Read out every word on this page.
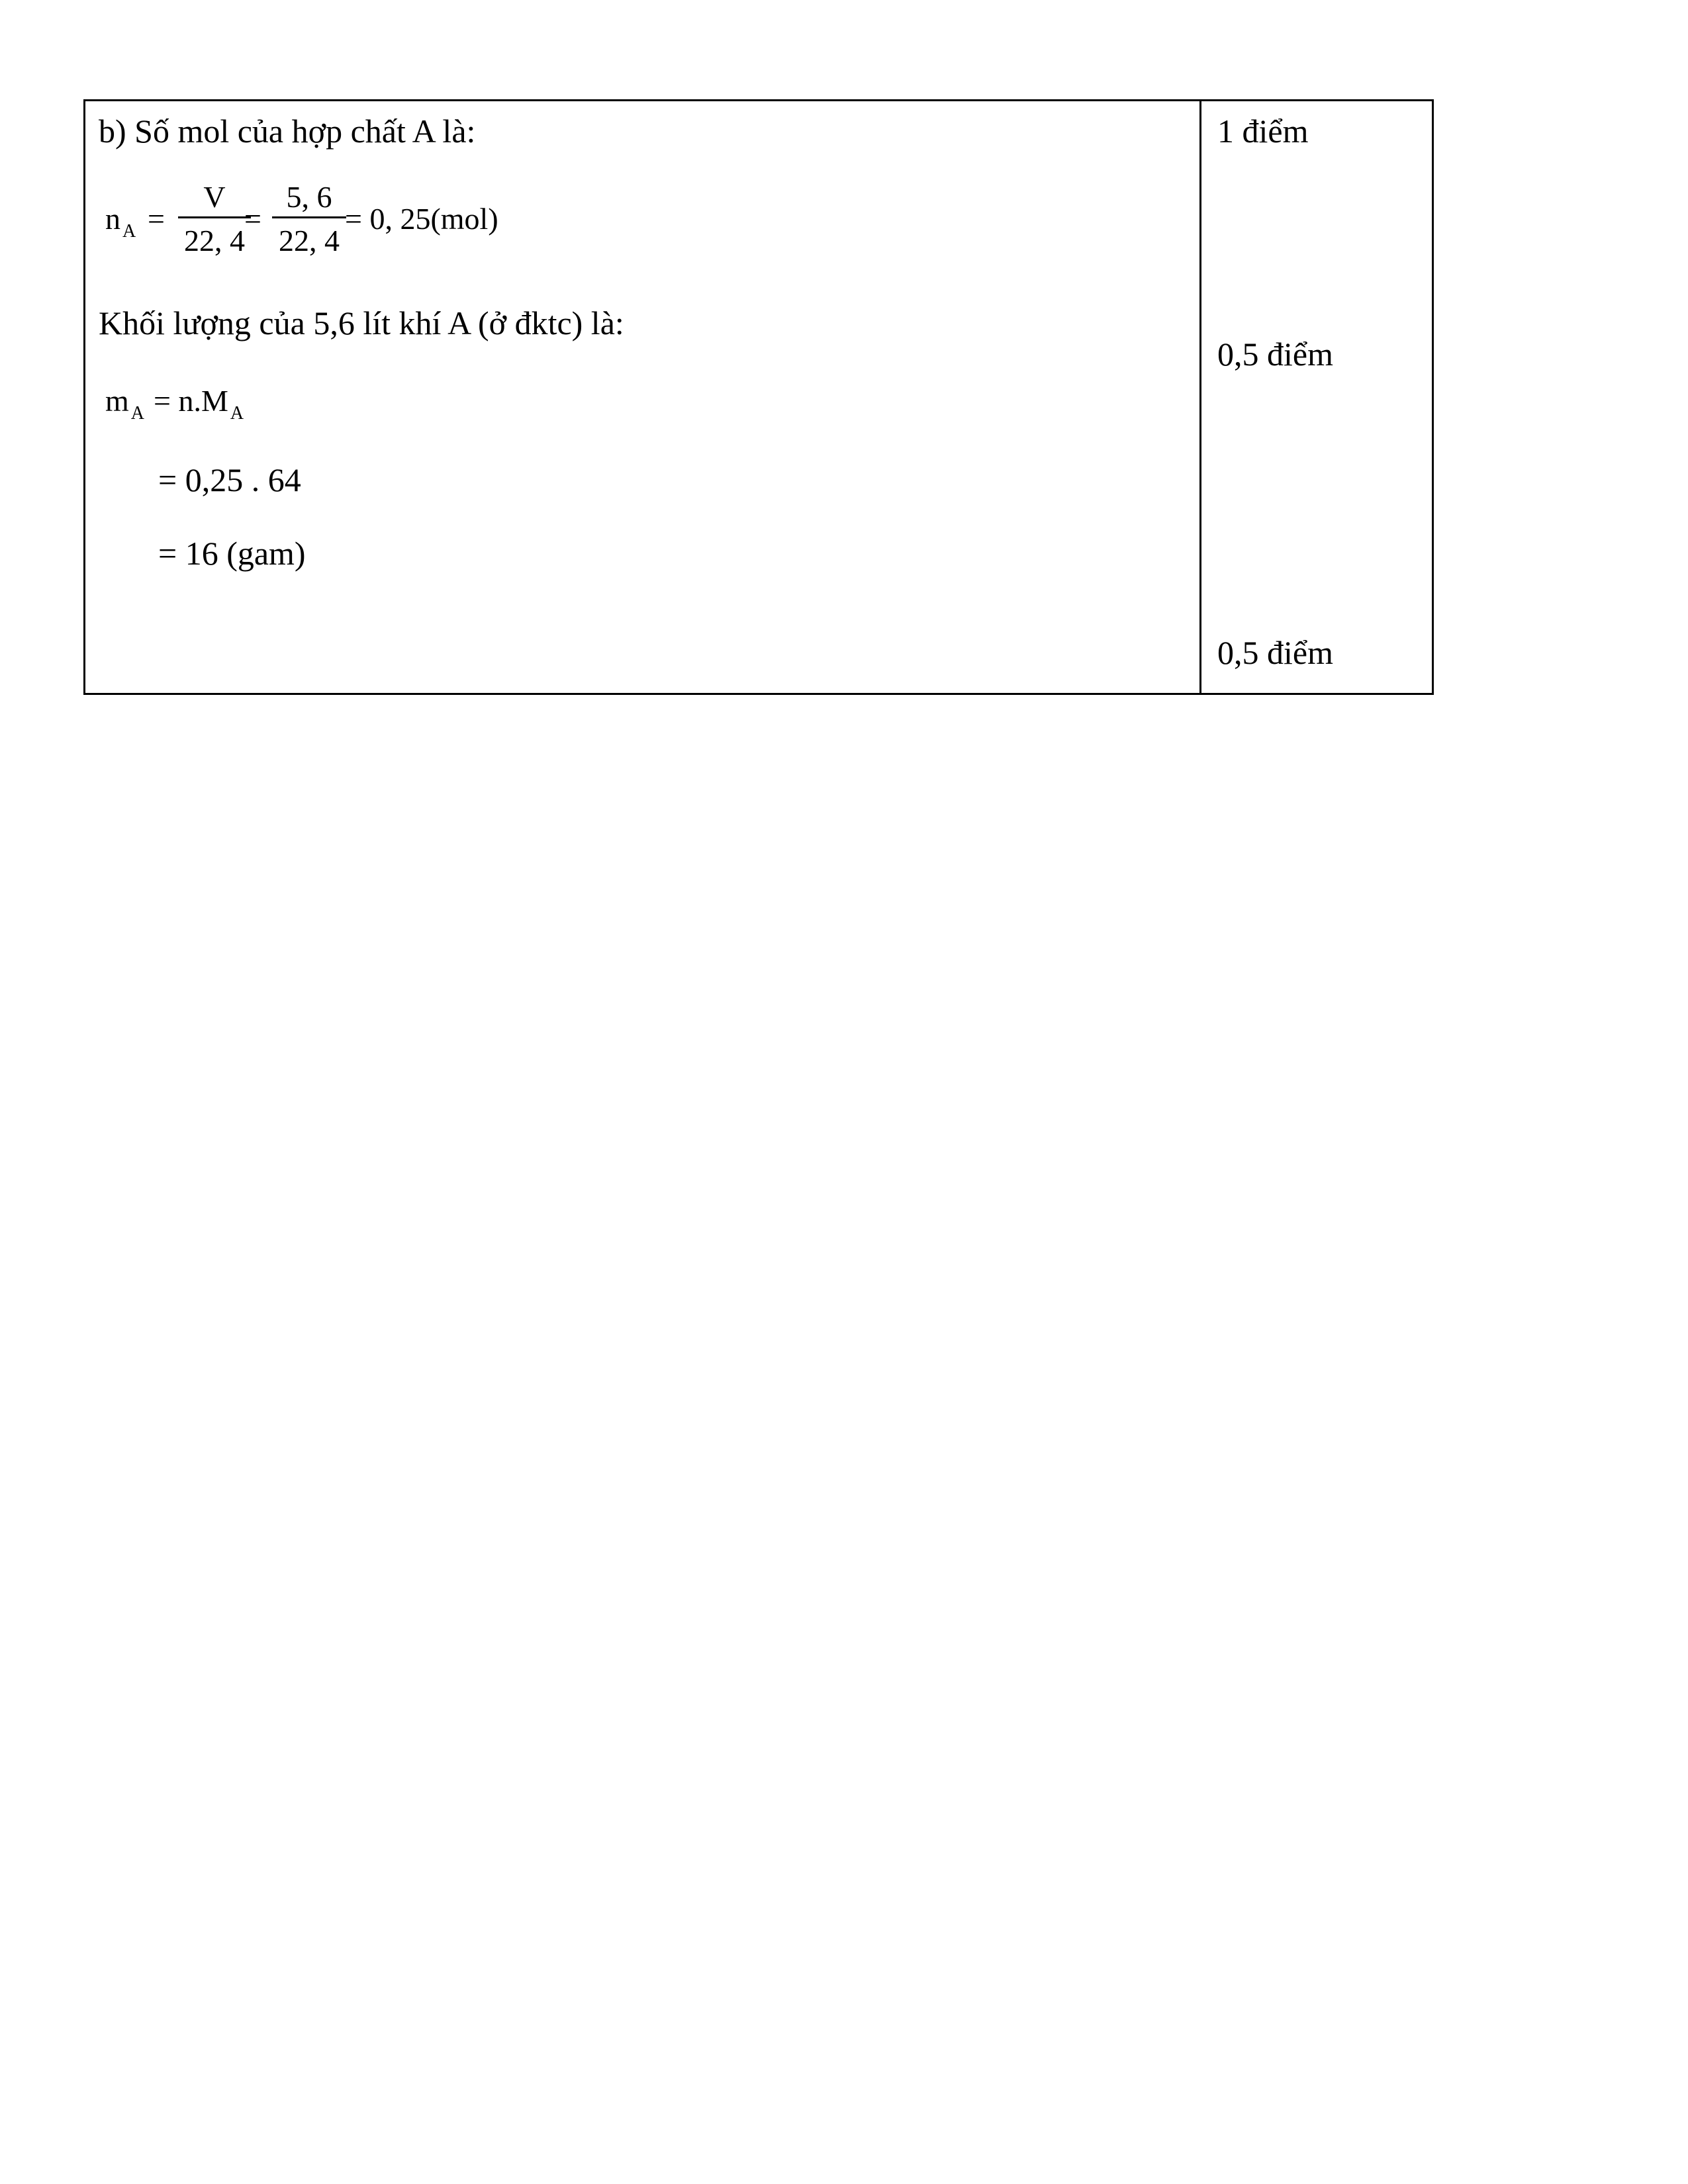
b) Số mol của hợp chất A là:
n $_A$ =
V
22, 4
=
5, 6
22, 4
= 0, 25(mol)
Khối lượng của 5,6 lít khí A (ở đktc) là:
m $_A$ = n.M $_A$
= 0,25 . 64
= 16 (gam)
1 điểm
0,5 điểm
0,5 điểm
